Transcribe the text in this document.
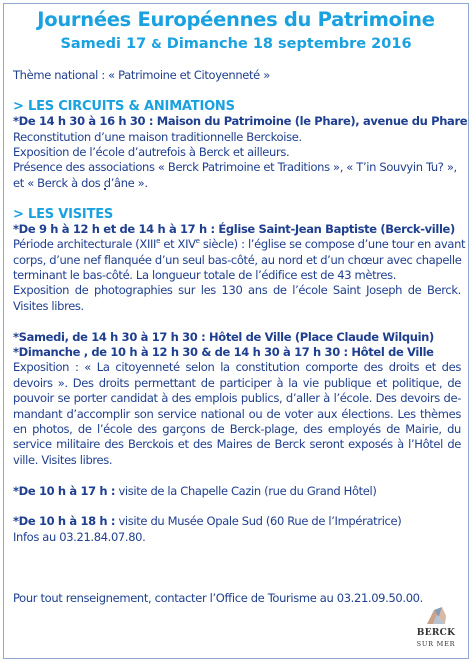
Journées Européennes du Patrimoine
Samedi 17 & Dimanche 18 septembre 2016
Thème national : « Patrimoine et Citoyenneté »
> LES CIRCUITS & ANIMATIONS
*De 14 h 30 à 16 h 30 : Maison du Patrimoine (le Phare), avenue du Phare
Reconstitution d’une maison traditionnelle Berckoise.
Exposition de l’école d’autrefois à Berck et ailleurs.
Présence des associations « Berck Patrimoine et Traditions », « T’in Souvyin Tu? »,
et « Berck à dos d’âne ».
> LES VISITES
*De 9 h à 12 h et de 14 h à 17 h : Église Saint-Jean Baptiste (Berck-ville)
Période architecturale (XIIIe et XIVe siècle) : l’église se compose d’une tour en avant
corps, d’une nef flanquée d’un seul bas-côté, au nord et d’un chœur avec chapelle
terminant le bas-côté. La longueur totale de l’édifice est de 43 mètres.
Exposition de photographies sur les 130 ans de l’école Saint Joseph de Berck.
Visites libres.
*Samedi, de 14 h 30 à 17 h 30 : Hôtel de Ville (Place Claude Wilquin)
*Dimanche , de 10 h à 12 h 30 & de 14 h 30 à 17 h 30 : Hôtel de Ville
Exposition : « La citoyenneté selon la constitution comporte des droits et des
devoirs ». Des droits permettant de participer à la vie publique et politique, de
pouvoir se porter candidat à des emplois publics, d’aller à l’école. Des devoirs de-
mandant d’accomplir son service national ou de voter aux élections. Les thèmes
en photos, de l’école des garçons de Berck-plage, des employés de Mairie, du
service militaire des Berckois et des Maires de Berck seront exposés à l’Hôtel de
ville. Visites libres.
*De 10 h à 17 h : visite de la Chapelle Cazin (rue du Grand Hôtel)
*De 10 h à 18 h : visite du Musée Opale Sud (60 Rue de l’Impératrice)
Infos au 03.21.84.07.80.
Pour tout renseignement, contacter l’Office de Tourisme au 03.21.09.50.00.
BERCK
SUR MER
